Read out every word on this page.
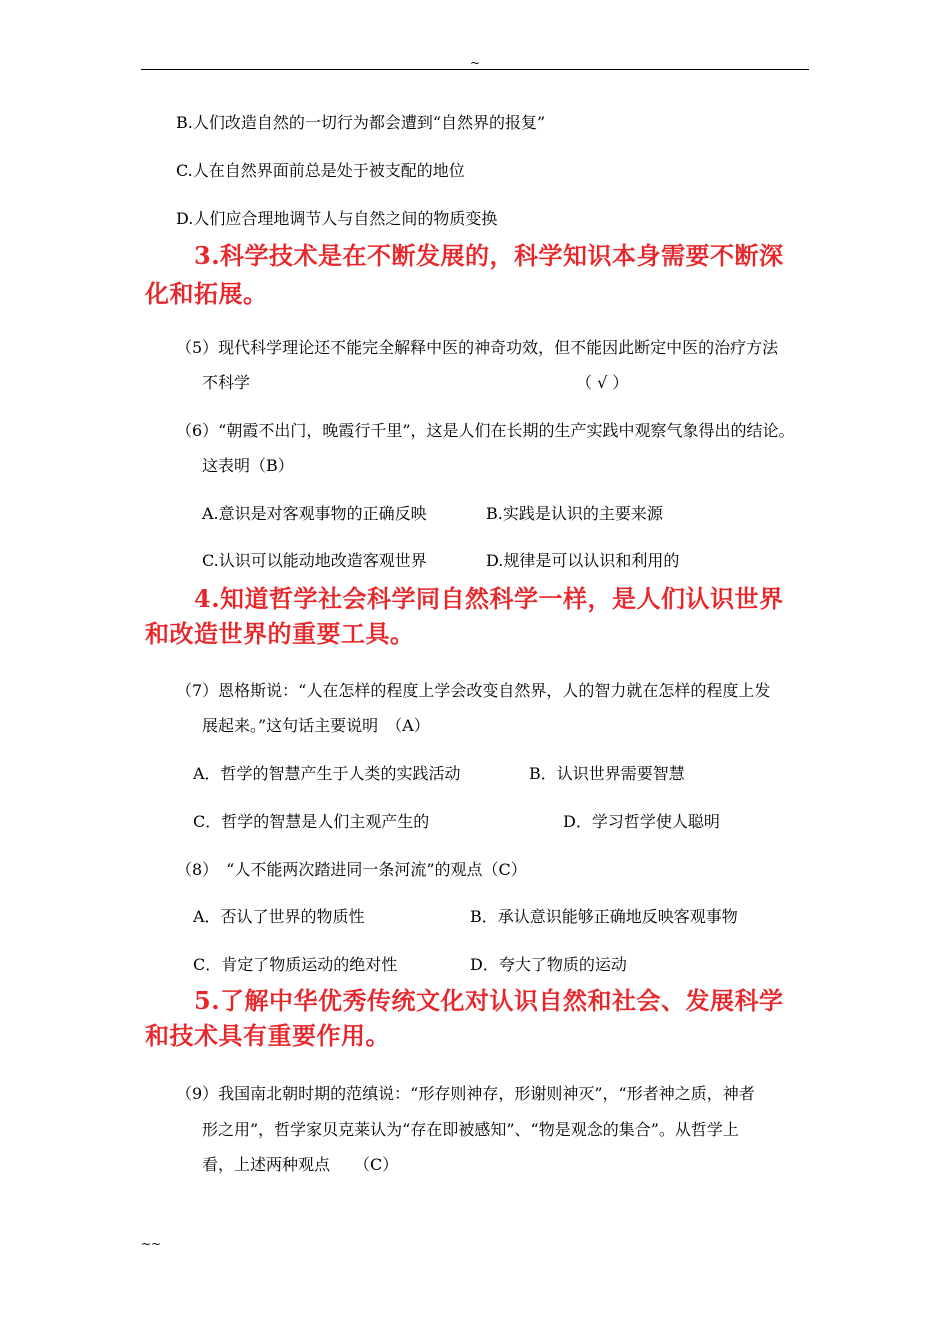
~
B.人们改造自然的一切行为都会遭到“自然界的报复”
C.人在自然界面前总是处于被支配的地位
D.人们应合理地调节人与自然之间的物质变换
3.科学技术是在不断发展的，科学知识本身需要不断深
化和拓展。
（5）现代科学理论还不能完全解释中医的神奇功效，但不能因此断定中医的治疗方法
不科学	（ √ ）
（6）“朝霞不出门，晚霞行千里”，这是人们在长期的生产实践中观察气象得出的结论。
这表明（B）
A.意识是对客观事物的正确反映	B.实践是认识的主要来源
C.认识可以能动地改造客观世界	D.规律是可以认识和利用的
4.知道哲学社会科学同自然科学一样，是人们认识世界
和改造世界的重要工具。
（7）恩格斯说：“人在怎样的程度上学会改变自然界，人的智力就在怎样的程度上发
展起来。”这句话主要说明　（A）
A．哲学的智慧产生于人类的实践活动	B．认识世界需要智慧
C．哲学的智慧是人们主观产生的	D．学习哲学使人聪明
（8）　“人不能两次踏进同一条河流”的观点（C）
A．否认了世界的物质性	B．承认意识能够正确地反映客观事物
C．肯定了物质运动的绝对性	D．夸大了物质的运动
5.了解中华优秀传统文化对认识自然和社会、发展科学
和技术具有重要作用。
（9）我国南北朝时期的范缜说：“形存则神存，形谢则神灭”，“形者神之质，神者
形之用”，哲学家贝克莱认为“存在即被感知”、“物是观念的集合”。从哲学上
看，上述两种观点　　（C）
~~
